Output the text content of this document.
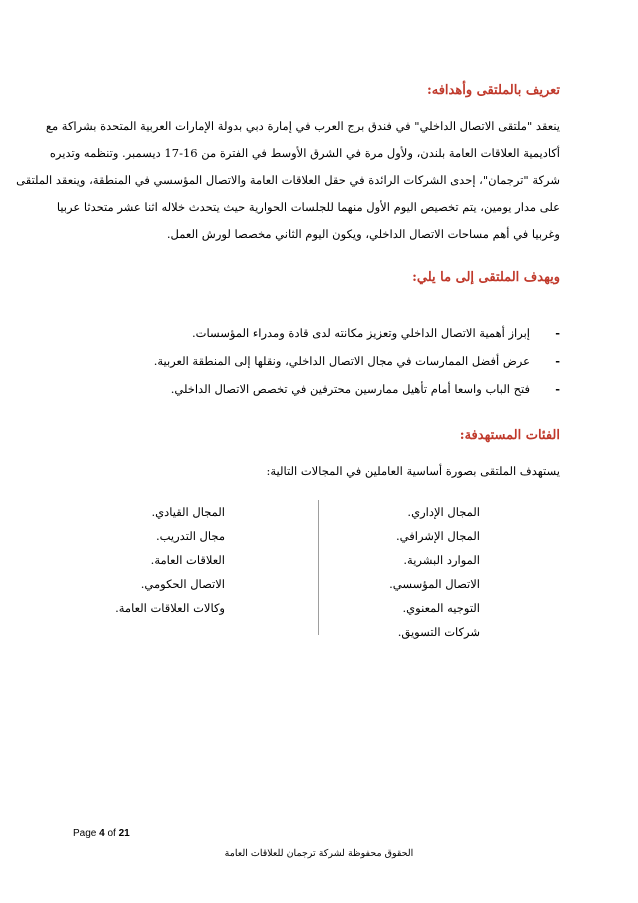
تعريف بالملتقى وأهدافه:
ينعقد "ملتقى الاتصال الداخلي" في فندق برج العرب في إمارة دبي بدولة الإمارات العربية المتحدة بشراكة مع
أكاديمية العلاقات العامة بلندن، ولأول مرة في الشرق الأوسط في الفترة من 16-17 ديسمبر. وتنظمه وتديره
شركة "ترجمان"، إحدى الشركات الرائدة في حقل العلاقات العامة والاتصال المؤسسي في المنطقة، وينعقد الملتقى
على مدار يومين، يتم تخصيص اليوم الأول منهما للجلسات الحوارية حيث يتحدث خلاله اثنا عشر متحدثا عربيا
وغربيا في أهم مساحات الاتصال الداخلي، ويكون اليوم الثاني مخصصا لورش العمل.
ويهدف الملتقى إلى ما يلي:
-
إبراز أهمية الاتصال الداخلي وتعزيز مكانته لدى قادة ومدراء المؤسسات.
-
عرض أفضل الممارسات في مجال الاتصال الداخلي، ونقلها إلى المنطقة العربية.
-
فتح الباب واسعا أمام تأهيل ممارسين محترفين في تخصص الاتصال الداخلي.
الفئات المستهدفة:
يستهدف الملتقى بصورة أساسية العاملين في المجالات التالية:
المجال الإداري.
المجال الإشرافي.
الموارد البشرية.
الاتصال المؤسسي.
التوجيه المعنوي.
شركات التسويق.
المجال القيادي.
مجال التدريب.
العلاقات العامة.
الاتصال الحكومي.
وكالات العلاقات العامة.
Page 4 of 21
الحقوق محفوظة لشركة ترجمان للعلاقات العامة
